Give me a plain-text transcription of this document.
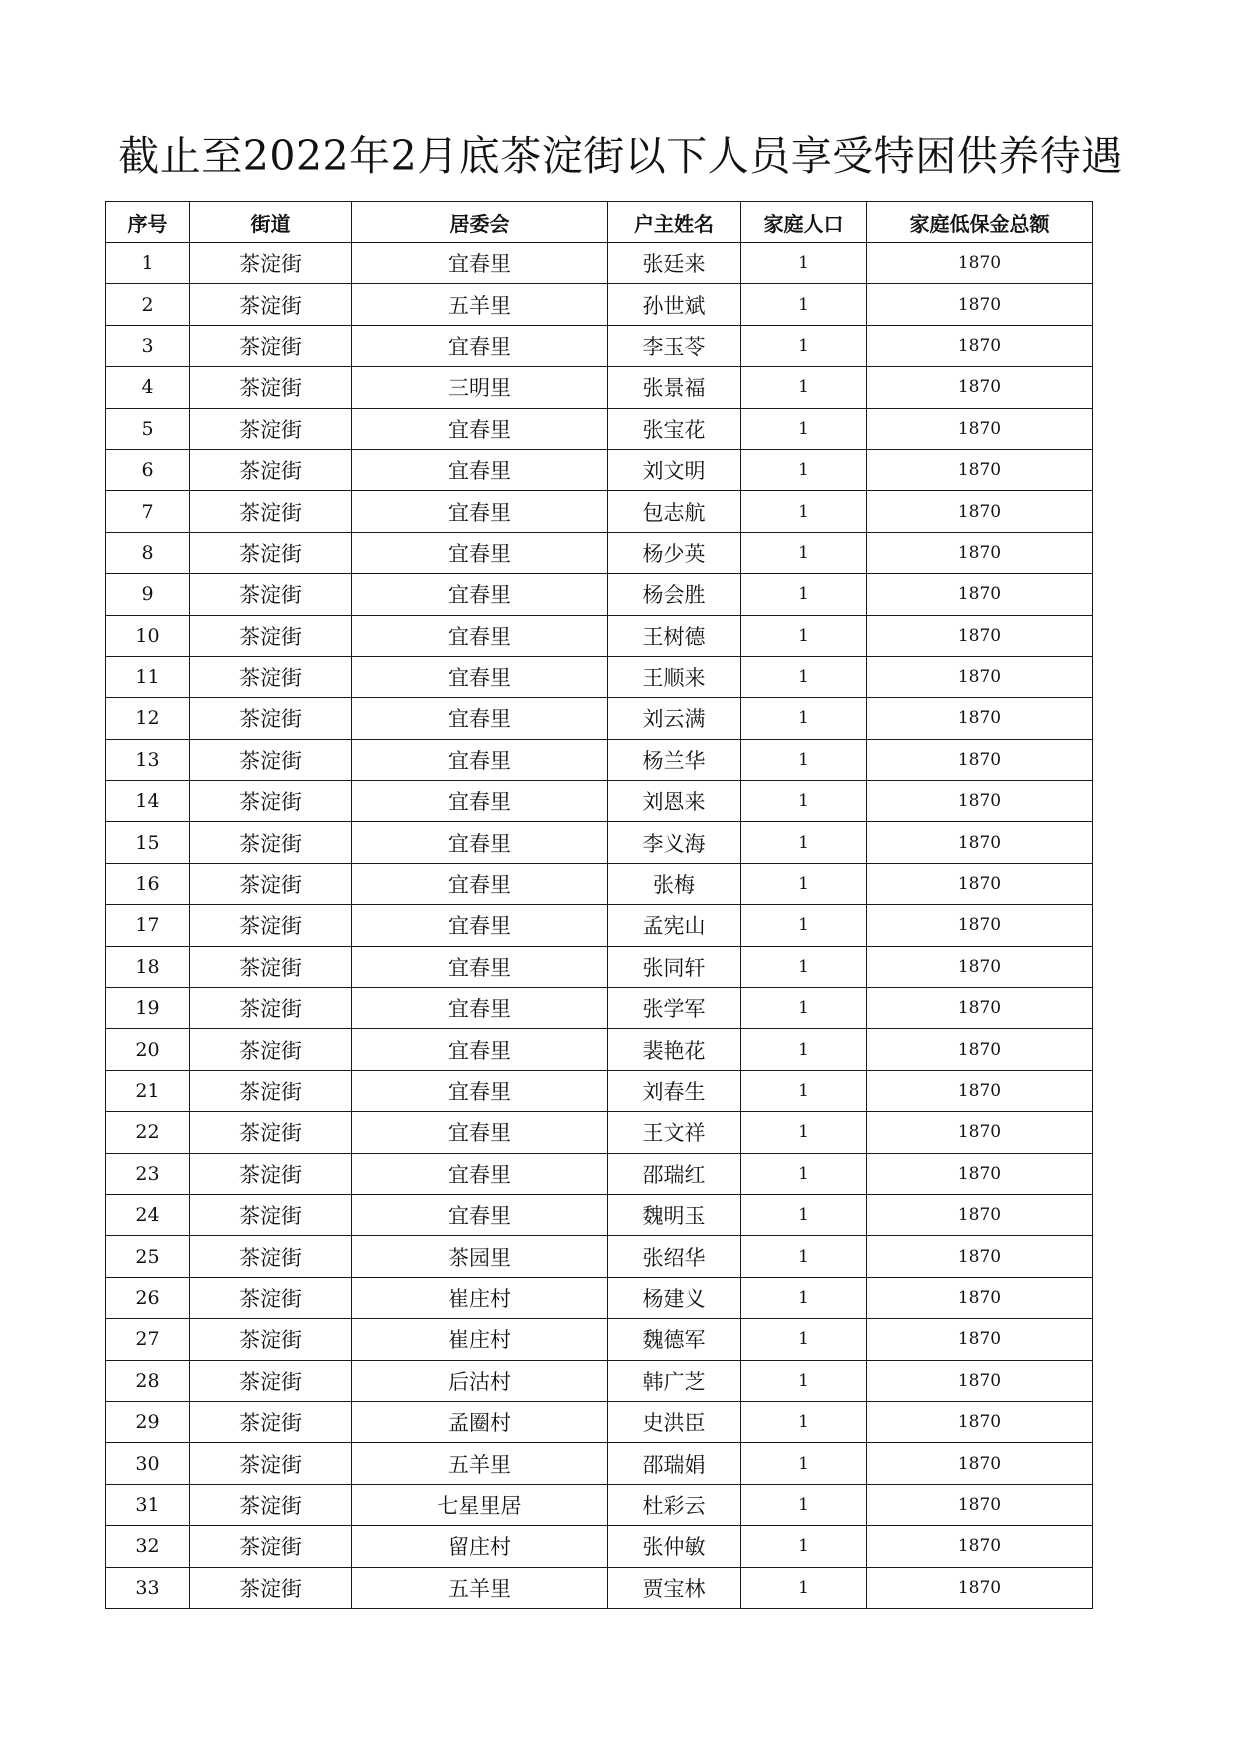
截止至2022年2月底茶淀街以下人员享受特困供养待遇
序号	街道	居委会	户主姓名	家庭人口	家庭低保金总额
1	茶淀街	宜春里	张廷来	1	1870
2	茶淀街	五羊里	孙世斌	1	1870
3	茶淀街	宜春里	李玉苓	1	1870
4	茶淀街	三明里	张景福	1	1870
5	茶淀街	宜春里	张宝花	1	1870
6	茶淀街	宜春里	刘文明	1	1870
7	茶淀街	宜春里	包志航	1	1870
8	茶淀街	宜春里	杨少英	1	1870
9	茶淀街	宜春里	杨会胜	1	1870
10	茶淀街	宜春里	王树德	1	1870
11	茶淀街	宜春里	王顺来	1	1870
12	茶淀街	宜春里	刘云满	1	1870
13	茶淀街	宜春里	杨兰华	1	1870
14	茶淀街	宜春里	刘恩来	1	1870
15	茶淀街	宜春里	李义海	1	1870
16	茶淀街	宜春里	张梅	1	1870
17	茶淀街	宜春里	孟宪山	1	1870
18	茶淀街	宜春里	张同轩	1	1870
19	茶淀街	宜春里	张学军	1	1870
20	茶淀街	宜春里	裴艳花	1	1870
21	茶淀街	宜春里	刘春生	1	1870
22	茶淀街	宜春里	王文祥	1	1870
23	茶淀街	宜春里	邵瑞红	1	1870
24	茶淀街	宜春里	魏明玉	1	1870
25	茶淀街	茶园里	张绍华	1	1870
26	茶淀街	崔庄村	杨建义	1	1870
27	茶淀街	崔庄村	魏德军	1	1870
28	茶淀街	后沽村	韩广芝	1	1870
29	茶淀街	孟圈村	史洪臣	1	1870
30	茶淀街	五羊里	邵瑞娟	1	1870
31	茶淀街	七星里居	杜彩云	1	1870
32	茶淀街	留庄村	张仲敏	1	1870
33	茶淀街	五羊里	贾宝林	1	1870
